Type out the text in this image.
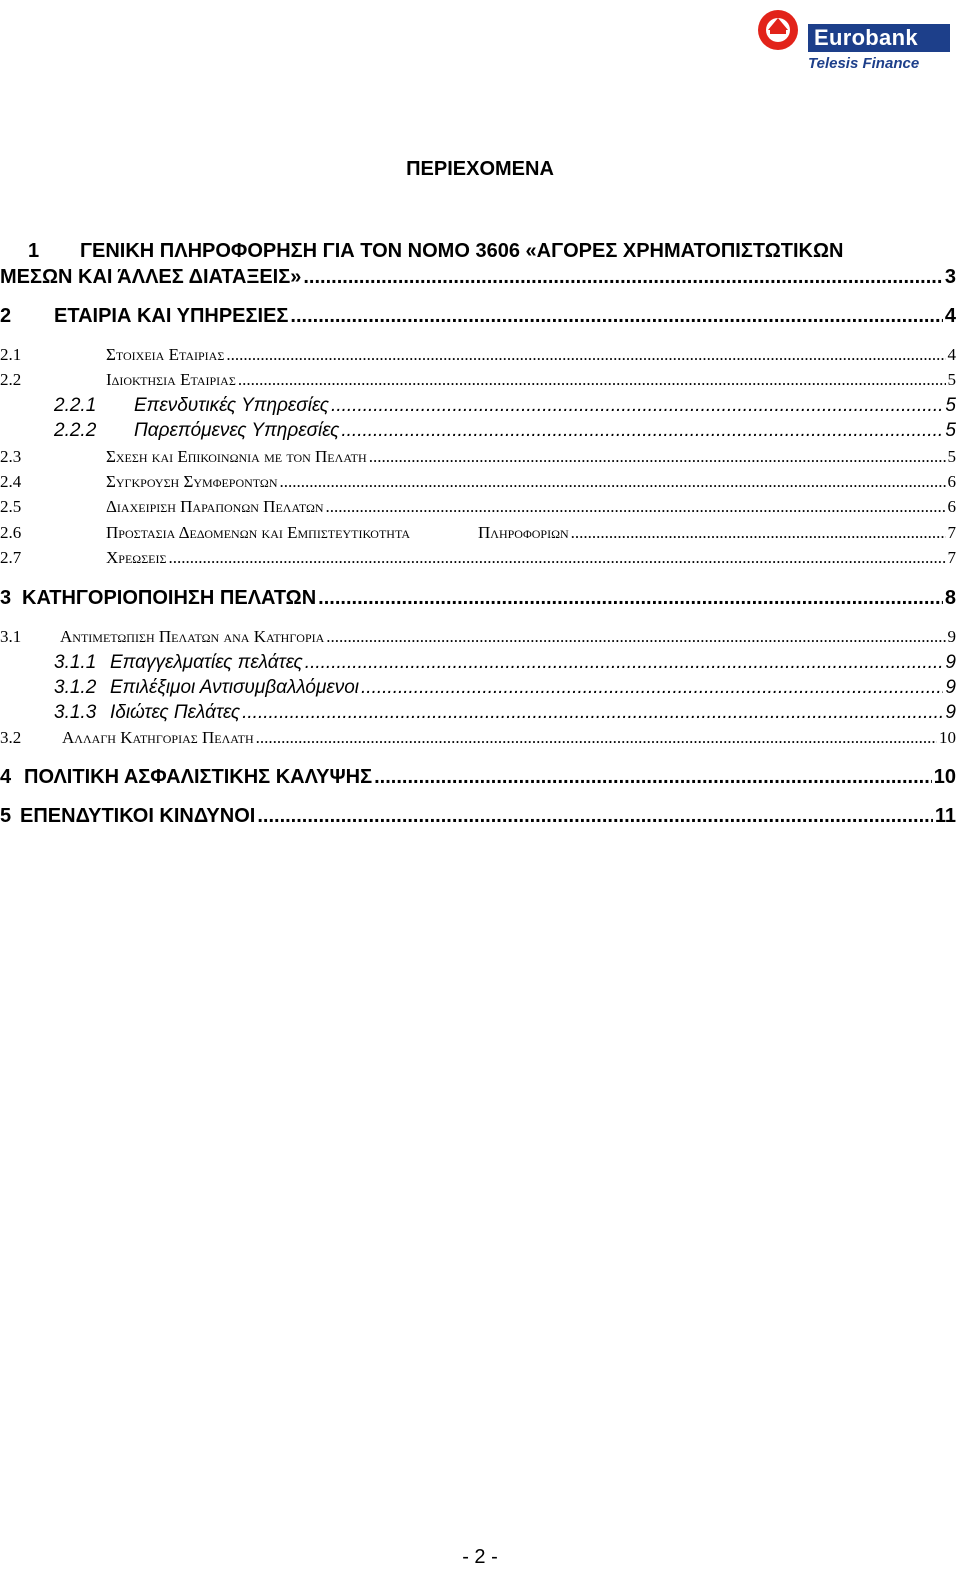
Eurobank
Telesis Finance
ΠΕΡΙΕΧΟΜΕΝΑ
1 ΓΕΝΙΚΗ ΠΛΗΡΟΦΟΡΗΣΗ ΓΙΑ ΤΟΝ ΝΟΜΟ 3606 «ΑΓΟΡΕΣ ΧΡΗΜΑΤΟΠΙΣΤΩΤΙΚΩΝ
ΜΕΣΩΝ ΚΑΙ ΆΛΛΕΣ ΔΙΑΤΑΞΕΙΣ» .....	3
2	ΕΤΑΙΡΙΑ ΚΑΙ ΥΠΗΡΕΣΙΕΣ .....	4
2.1	Στοιχεια Εταιριας .....	4
2.2	Ιδιοκτησια Εταιριας .....	5
2.2.1	Επενδυτικές Υπηρεσίες .....	5
2.2.2	Παρεπόμενες Υπηρεσίες .....	5
2.3	Σχεση και Επικοινωνια με τον Πελατη .....	5
2.4	Συγκρουση Συμφεροντων .....	6
2.5	Διαχειριση Παραπονων Πελατων .....	6
2.6	Προστασια Δεδομενων και Εμπιστευτικοτητα                Πληροφοριων .....	7
2.7	Χρεωσεις .....	7
3 ΚΑΤΗΓΟΡΙΟΠΟΙΗΣΗ ΠΕΛΑΤΩΝ .....	8
3.1	Αντιμετωπιση Πελατων ανα Κατηγορια .....	9
3.1.1 Επαγγελματίες πελάτες .....	9
3.1.2 Επιλέξιμοι Αντισυμβαλλόμενοι .....	9
3.1.3 Ιδιώτες Πελάτες .....	9
3.2	Αλλαγη Κατηγοριας Πελατη .....	10
4 ΠΟΛΙΤΙΚΗ ΑΣΦΑΛΙΣΤΙΚΗΣ ΚΑΛΥΨΗΣ .....	10
5 ΕΠΕΝΔΥΤΙΚΟΙ ΚΙΝΔΥΝΟΙ .....	11
- 2 -
